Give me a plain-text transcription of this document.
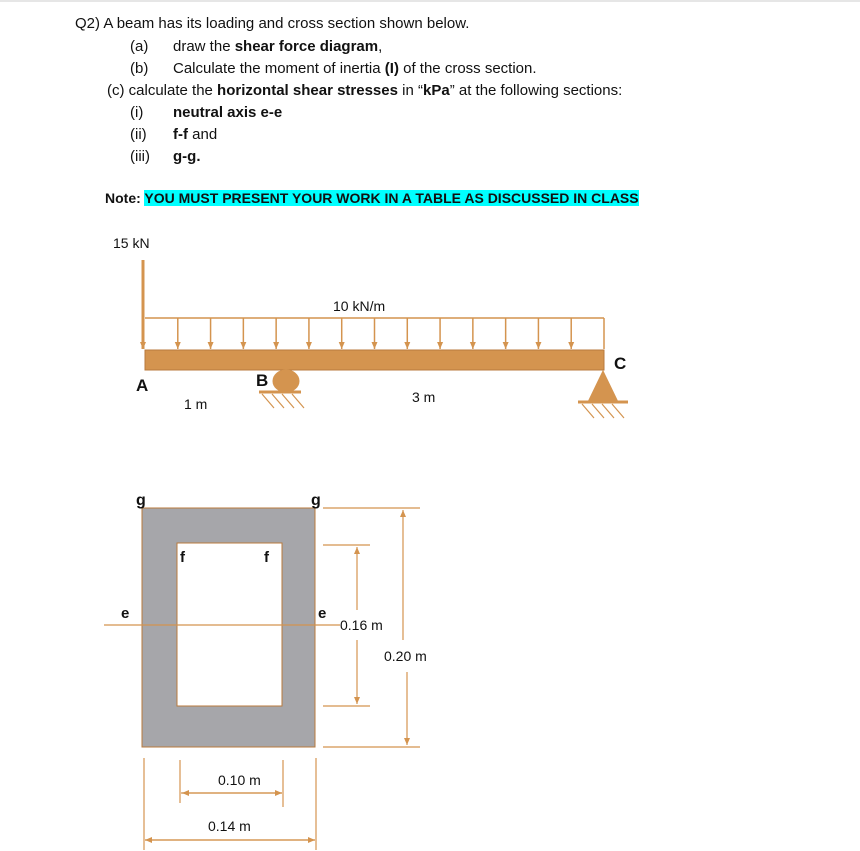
Q2) A beam has its loading and cross section shown below.
(a) draw the shear force diagram,
(b) Calculate the moment of inertia (I) of the cross section.
(c) calculate the horizontal shear stresses in “kPa” at the following sections:
(i) neutral axis e-e
(ii) f-f and
(iii) g-g.
Note: YOU MUST PRESENT YOUR WORK IN A TABLE AS DISCUSSED IN CLASS
15 kN
10 kN/m
A	B
C
1 m	3 m
g	g
f	f
e	e
0.16 m
0.20 m
0.10 m
0.14 m
